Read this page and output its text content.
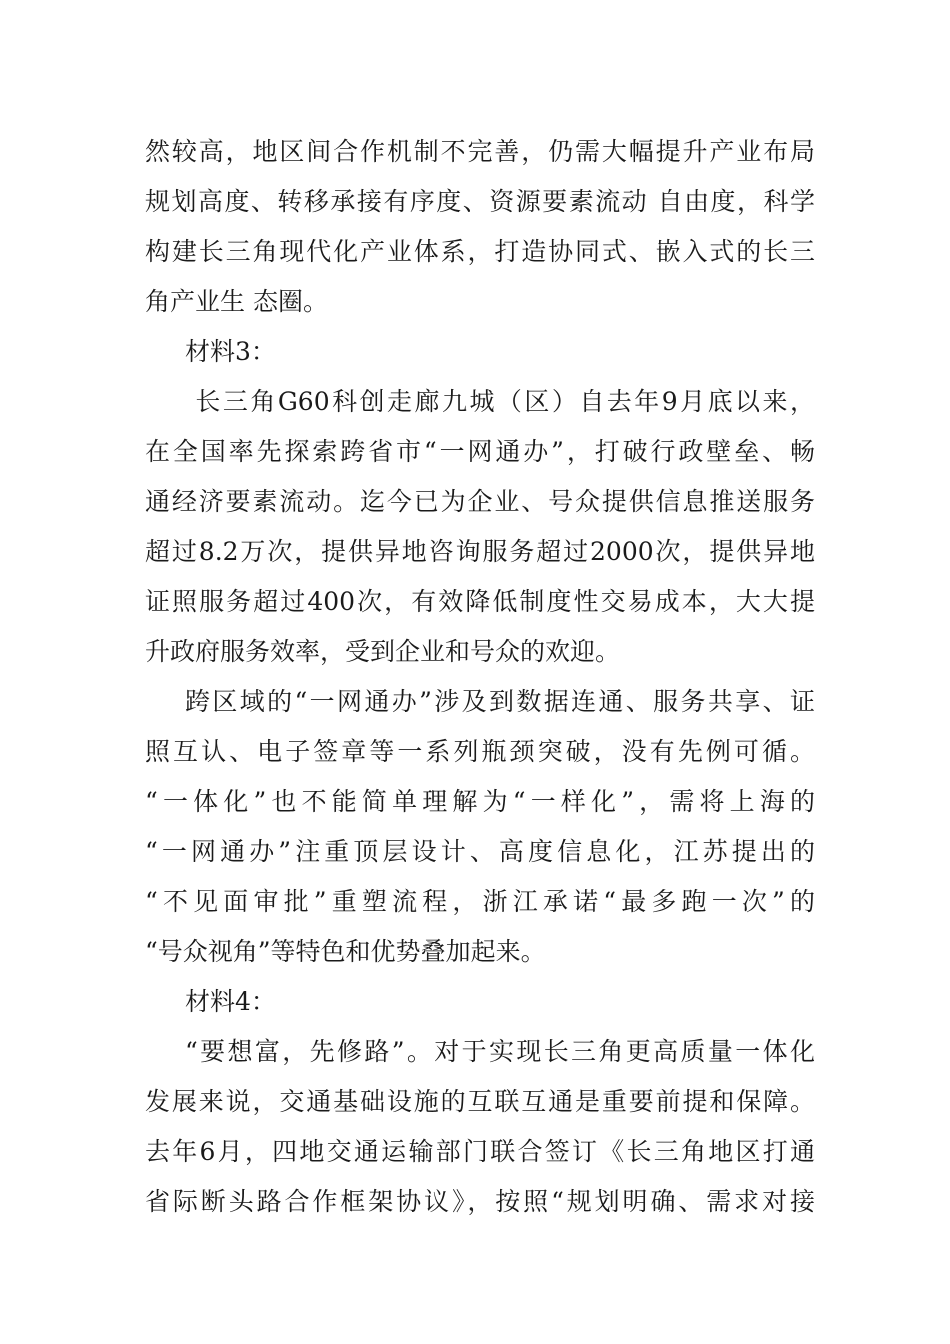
然较高，地区间合作机制不完善，仍需大幅提升产业布局
规划高度、转移承接有序度、资源要素流动 自由度，科学
构建长三角现代化产业体系，打造协同式、嵌入式的长三
角产业生 态圈。
材料3：
长三角G60科创走廊九城（区）自去年9月底以来，
在全国率先探索跨省市“一网通办”，打破行政壁垒、畅
通经济要素流动。迄今已为企业、号众提供信息推送服务
超过8.2万次，提供异地咨询服务超过2000次，提供异地
证照服务超过400次，有效降低制度性交易成本，大大提
升政府服务效率，受到企业和号众的欢迎。
跨区域的“一网通办”涉及到数据连通、服务共享、证
照互认、电子签章等一系列瓶颈突破，没有先例可循。
“一体化”也不能简单理解为“一样化”，需将上海的
“一网通办”注重顶层设计、高度信息化，江苏提出的
“不见面审批”重塑流程，浙江承诺“最多跑一次”的
“号众视角”等特色和优势叠加起来。
材料4：
“要想富，先修路”。对于实现长三角更高质量一体化
发展来说，交通基础设施的互联互通是重要前提和保障。
去年6月，四地交通运输部门联合签订《长三角地区打通
省际断头路合作框架协议》，按照“规划明确、需求对接
